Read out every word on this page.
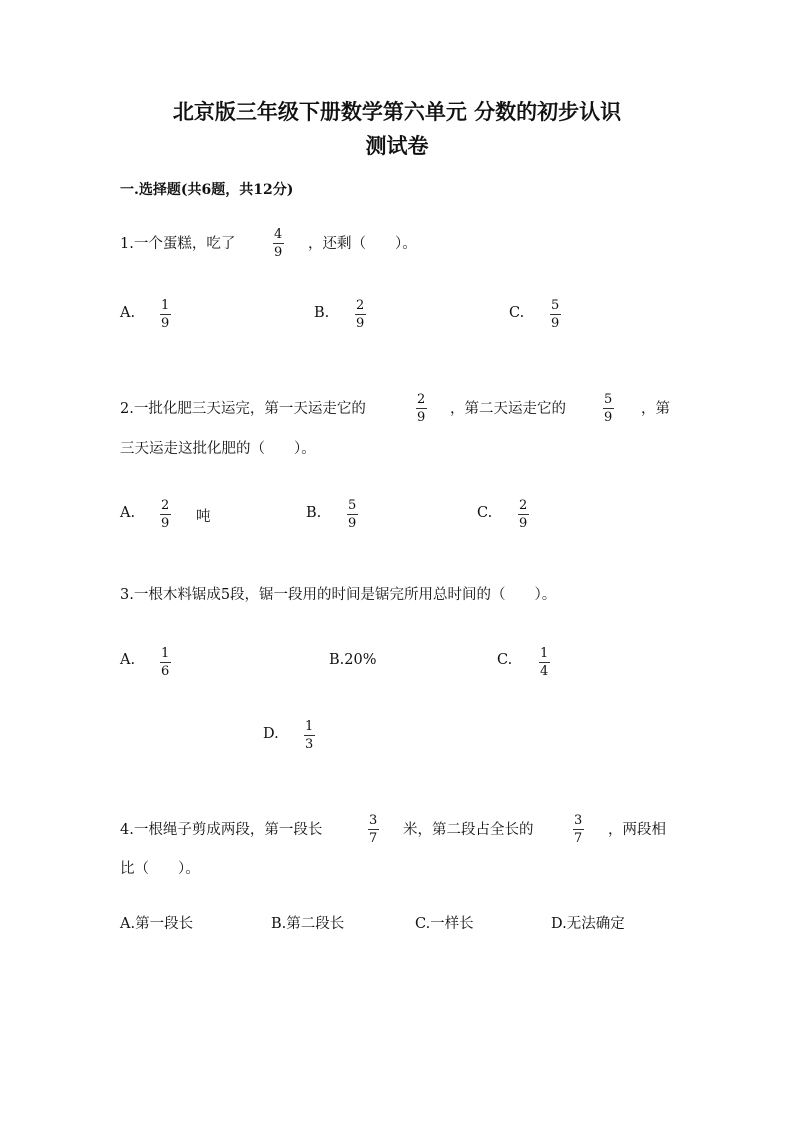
北京版三年级下册数学第六单元 分数的初步认识
测试卷
一.选择题(共6题，共12分)
1.一个蛋糕，吃了
4
9
，还剩（　　）。
A. 1
9
B. 2
9
C. 5
9
2.一批化肥三天运完，第一天运走它的
2
9
，第二天运走它的
5
9
，第
三天运走这批化肥的（　　）。
A. 2
9 吨	B. 5
9
C. 2
9
3.一根木料锯成5段，锯一段用的时间是锯完所用总时间的（　　）。
A. 1
6
B.20%	C. 1
4
D. 1
3
4.一根绳子剪成两段，第一段长
3
7
米，第二段占全长的
3
7
，两段相
比（　　）。
A.第一段长	B.第二段长	C.一样长	D.无法确定
